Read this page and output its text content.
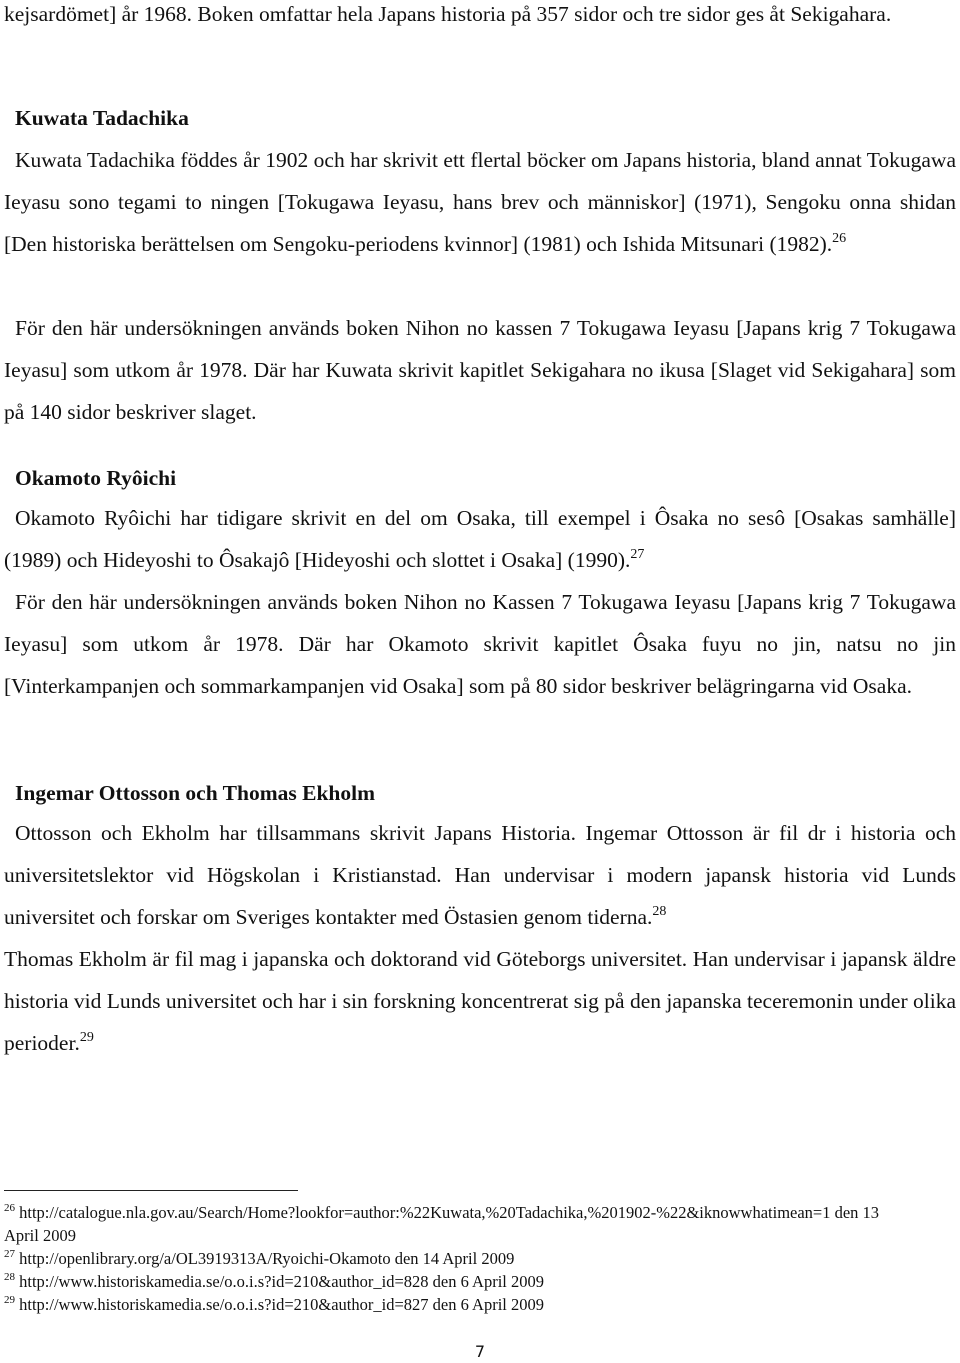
kejsardömet] år 1968. Boken omfattar hela Japans historia på 357 sidor och tre sidor ges åt Sekigahara.

Kuwata Tadachika

Kuwata Tadachika föddes år 1902 och har skrivit ett flertal böcker om Japans historia, bland annat Tokugawa Ieyasu sono tegami to ningen [Tokugawa Ieyasu, hans brev och människor] (1971), Sengoku onna shidan [Den historiska berättelsen om Sengoku-periodens kvinnor] (1981) och Ishida Mitsunari (1982).$^{26}$

För den här undersökningen används boken Nihon no kassen 7 Tokugawa Ieyasu [Japans krig 7 Tokugawa Ieyasu] som utkom år 1978. Där har Kuwata skrivit kapitlet Sekigahara no ikusa [Slaget vid Sekigahara] som på 140 sidor beskriver slaget.

Okamoto Ryôichi

Okamoto Ryôichi har tidigare skrivit en del om Osaka, till exempel i Ôsaka no sesô [Osakas samhälle] (1989) och Hideyoshi to Ôsakajô [Hideyoshi och slottet i Osaka] (1990).$^{27}$

För den här undersökningen används boken Nihon no Kassen 7 Tokugawa Ieyasu [Japans krig 7 Tokugawa Ieyasu] som utkom år 1978. Där har Okamoto skrivit kapitlet Ôsaka fuyu no jin, natsu no jin [Vinterkampanjen och sommarkampanjen vid Osaka] som på 80 sidor beskriver belägringarna vid Osaka.

Ingemar Ottosson och Thomas Ekholm

Ottosson och Ekholm har tillsammans skrivit Japans Historia. Ingemar Ottosson är fil dr i historia och universitetslektor vid Högskolan i Kristianstad. Han undervisar i modern japansk historia vid Lunds universitet och forskar om Sveriges kontakter med Östasien genom tiderna.$^{28}$

Thomas Ekholm är fil mag i japanska och doktorand vid Göteborgs universitet. Han undervisar i japansk äldre historia vid Lunds universitet och har i sin forskning koncentrerat sig på den japanska teceremonin under olika perioder.$^{29}$

$^{26}$ http://catalogue.nla.gov.au/Search/Home?lookfor=author:%22Kuwata,%20Tadachika,%201902-%22&iknowwhatimean=1 den 13 April 2009

$^{27}$ http://openlibrary.org/a/OL3919313A/Ryoichi-Okamoto den 14 April 2009

$^{28}$ http://www.historiskamedia.se/o.o.i.s?id=210&author_id=828 den 6 April 2009

$^{29}$ http://www.historiskamedia.se/o.o.i.s?id=210&author_id=827 den 6 April 2009

7
